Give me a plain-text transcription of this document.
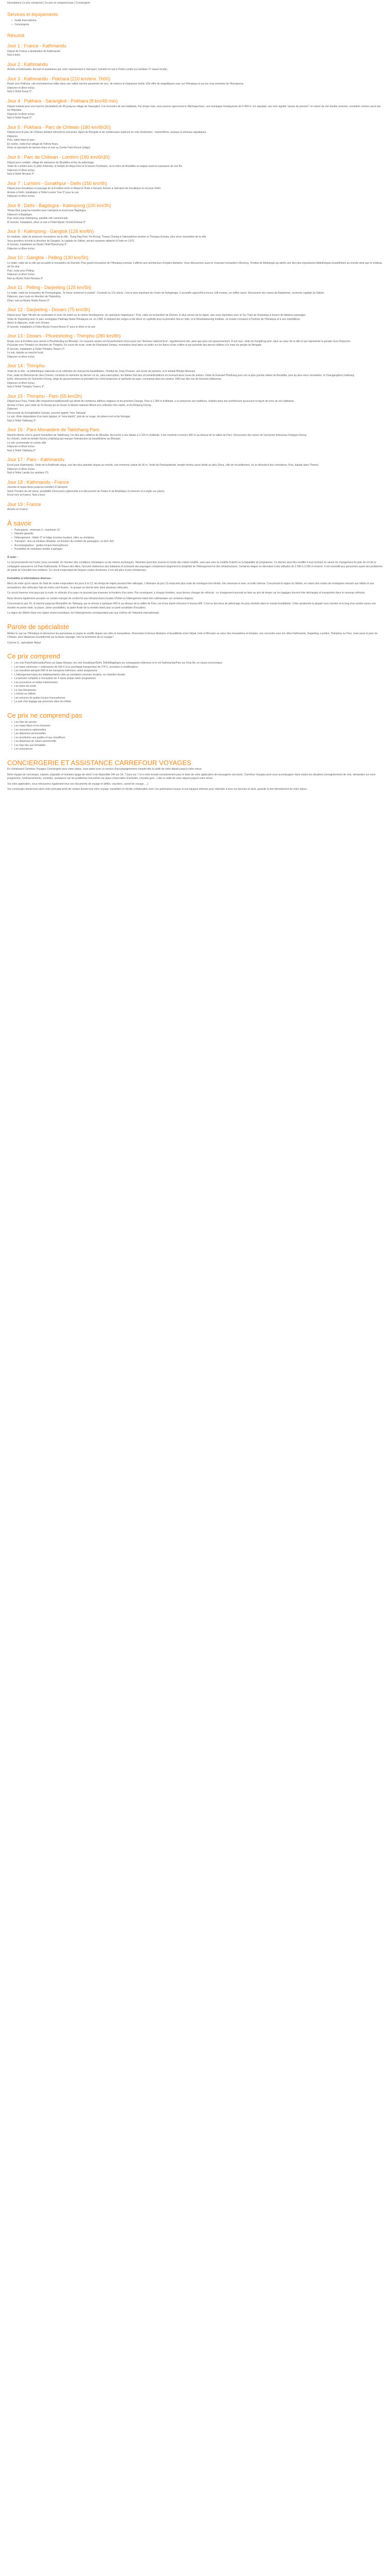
Descriptions Ce prix comprend | Ce prix ne comprend pas | Conciergerie
Services et équipements
• Guide francophone
• Conciergerie
Résumé
Jour 1 : France - Kathmandu

Départ de France à destination de Kathmandu.

Nuit à bord.

Jour 2 : Kathmandu

Arrivée à Kathmandu. Accueil et assistance par notre représentant à l'aéroport, transfert et nuit à l'hôtel Landis (ou similaire 3* classe locale).

Jour 3 : Kathmandu - Pokhara (210 km/env. 7h00)

Route vers Pokhara, cité enchanteresse bâtie dans une vallée sereine parsemée de lacs, de rivières et d'épaisses forêts. Elle offre de magnifiques vues sur l'Himalaya et sur les cinq sommets de l'Annapurna.

Déjeuner et dîner inclus.

Nuit à l'hôtel Kasai 3*.

Jour 4 : Pokhara - Sarangkot - Pokhara (8 km/45 min)

Départ matinal pour une marche (facultative) de 45 jusqu'au village de Sarangkot, à la rencontre de ses habitants. Par temps clair, vous pourrez apercevoir le Machapuchare, une montagne himalayenne de 6 993 m. En népalais, son nom signifie "queue de poisson" en raison de son double sommet, considéré comme sacré par les Népalais.

Déjeuner et dîner inclus.

Nuit à l'hôtel Kasai 3*.

Jour 5 : Pokhara - Parc de Chitwan (180 km/6h30)

Départ pour le parc de Chitwan abritant rhinocéros unicornes, tigres du Bengale et de nombreuses espèces en voie d'extinction : mammifères, oiseaux et animaux aquatiques.

Déjeuner.

Puis, safari dans le parc.

En soirée, visite d'un village de l'ethnie tharu.

Dîner et spectacle de danses tharu et nuit au Center Park Resort (lodge).

Jour 6 : Parc de Chitwan - Lumbini (190 km/6h30)

Départ pour Lumbini, village de naissance de Bouddha et lieu de pèlerinage.

Visite de Lumbini avec le pilier d'Ashoka, le temple de Maya Devi et le bassin Pushkarni, où la mère de Bouddha se baigna avant la naissance de son fils.

Déjeuner et dîner inclus.

Nuit à l'hôtel Nirvana 3*.

Jour 7 : Lumbini - Gorakhpur - Delhi (150 km/4h)

Départ pour Gorakhpur et passage de la frontière entre le Népal et l'Inde à Sonauli. Arrivée à l'aéroport de Gorakhpur et vol pour Delhi.

Arrivée à Delhi, installation à l'hôtel Lemon Tree 3* pour la nuit.

Déjeuner et dîner inclus.

Jour 8 : Delhi - Bagdogra - Kalimpong (100 km/3h)

Temps libre jusqu'au transfert pour l'aéroport et envol pour Bagdogra.

Déjeuner à Bagdogra.

Puis route pour Kalimpong, paisible cité commerciale.

À l'arrivée, installation, dîner et nuit à l'hôtel Mystic Orchid Retreat 3*.

Jour 9 : Kalimpong - Gangtok (126 km/6h)

En matinée, visite de plusieurs monastères de la ville : Dung Dag Paro Yin Kirong, Tharpa Choling à l'atmosphère sereine et Thongsa Gompa, plus vieux monastère de la ville.

Vous prendrez ensuite la direction de Gangtok, la capitale du Sikkim, ancien royaume rattaché à l'Inde en 1975.

À l'arrivée, installation au Mystic Hotel Bumchung 3*.

Déjeuner et dîner inclus.

Jour 10 : Gangtok - Pelling (130 km/5h)

Le matin, visite de la ville qui accueille le monastère de Rumtek. Plus grand monastère de l'Himalaya oriental, il affiche une architecture d'origine tibétaine. Vous découvrirez aussi le charmant monastère d'Enchey, l'Institut de tibétologie qui abrite une des plus importantes bibliothèques bouddhistes au monde ainsi que le château de Do-drul.

Puis, route pour Pelling.

Déjeuner et dîner inclus.

Nuit au Mystic Hotel Nirvana 3*.

Jour 11 : Pelling - Darjeeling (125 km/5h)

Le matin, visite du monastère de Pemayangtse, "le trésor universel et parfait". Construit au 17e siècle, c'est le plus important de l'ordre de Nyingmapa. Il accueille aujourd'hui encore 108 moines, un chiffre sacré. Découverte des ruines de Rabdentse, ancienne capitale du Sikkim.

Déjeuner, puis route en direction de Darjeeling.

Dîner, nuit au Mystic Radio Resort 3*.

Jour 12 : Darjeeling - Dooars (75 km/3h)

Départ pour Tiger Hill afin de contempler le lever du soleil sur la chaîne himalayenne. Un spectacle majestueux ! Puis, visite du monastère de Ghoom, le plus ancien de la région, que vous rejoindrez avec le Toy Train de Darjeeling à travers de fabuleux paysages.

Visite de Darjeeling avec le parc zoologique Padmaja Naidu Himalayan où, en 1995, le léopard des neiges a été élevé en captivité pour la première fois en Inde, et le Mountaineering Institute, un musée consacré à l'histoire de l'Himalaya et à ses expéditions.

Après le déjeuner, route vers Dooars.

À l'arrivée, installation à l'hôtel Mystic Forest Resort 3* pour le dîner et la nuit.

Jour 13 : Dooars - Phuntsholing - Thimphu (280 km/8h)

Route vers la frontière pour arriver à Phuntsholing au Bhoutan. Ce royaume ancien est farouchement connu pour son "bonheur national brut", régulièrement cité, ainsi que pour son gouvernement. À son tour, visite de Zangdhog pelri, situé au cœur de la ville et qui représente le paradis Guru Rinpoche.

Poursuite vers Thimphu en direction de Thimphu. En cours de route, visite de Kharbandi Gompa, monastère situé dans un jardin sur les flancs d'une colline et qui possède des pierres taillées à la main du peuple du Bengale.

À l'arrivée, installation à l'hôtel Thimphu Towers 3*.

Le soir, balade au marché local.

Déjeuner et dîner inclus.

Jour 14 : Thimphu

Visite de la ville : la bibliothèque nationale et sa collection de manuscrits bouddhistes, l'Institut de Zorig Chusum, une école de peinture, et le temple Bhutan Museum.

Puis, visite du Memorial de Jera Chorten, construit en mémoire du dernier roi où, sans interruption, les fidèles font des circumambulations en tournant leurs roues de prières. Visite du Kuensel Phodrang pour voir la plus grande statue de Bouddha, puis du plus vieux monastère, le Changangkha Lhakhang.

Enfin, découverte du Tashichho Dzong, siège du gouvernement où président les chefs temporels et spirituels du pays, reconstruit dans les années 1960 par des rois de Gerezim bâtisseurs.

Déjeuner et dîner inclus.

Nuit à l'hôtel Thimphu Towers 3*.

Jour 15 : Thimphu - Paro (55 km/2h)

Départ pour Paro. Petite ville résolument traditionnelle qui abrite de nombreux édifices religieux et les premiers Dzongs. Paro à 2 280 m d'altitude, a su préserver ses traditions, visibles dans son architecture qu'aucune la façon de vivre de ses habitants.

Arrivée à Paro, puis visite du Ta Dzong qui se trouve le Musée national offrant une collection très variée, et du Rinpung Dzong.

Déjeuner.

Découverte du Dzongkhakhe Gompa, souvent appelé "mini Taksang".

Le soir, dîner dégustation d'un mets typique, le "ema datshi", plat de riz rouge, de piment vert et de fromage.

Nuit à l'hôtel Olathang 3*.

Jour 16 : Paro Monastère de Taktshang Paro

Marche directe vers le grand monastère de Taktshang, l'un des plus célèbres du Bhoutan. Accroché à une falaise à 3 120 m d'altitude, il est construit à environ 900 m au-dessus de la vallée de Paro. Découverte des ruines de l'ancienne forteresse Drukgyel Dzong.

En chemin, visite du temple Kyichu Lhakhang qui marque l'introduction du bouddhisme au Bhoutan.

Le soir, promenade en centre-ville.

Déjeuner et dîner inclus.

Nuit à l'hôtel Olathang 3*.

Jour 17 : Paro - Kathmandu

Envol pour Kathmandu. Visite de la Bodhnath stupa, une des plus grandes stupas au monde, une immense statue de 36 m. Visite de Pashupatinath, temple hindou sacré dédié au dieu Shiva, ville de recueillement, où se déroulent des crémations. Puis, balade dans Thamel.

Déjeuner et dîner inclus.

Nuit à l'hôtel Landis (ou similaire 3*).

Jour 18 : Kathmandu - France

Journée et repas libres jusqu'au transfert à l'aéroport.

Selon l'horaire du vol retour, possibilité d'excursion optionnelle à la découverte du Palais et de Bhaktapur (à réserver et à régler sur place).

Envol vers la France. Nuit à bord.

Jour 19 : France

Arrivée en France.

À savoir
• Participants : minimum 2 - maximum 16
• Départs garantis
• Hébergement : hôtels 3* et lodge (normes locales), villes ou similaires
• Transport : bus ou minibus climatisé, en fonction du nombre de passagers, ou bien 4x4
• Accompagnateur : guides locaux francophones
• Possibilité de chambres double à partager

À noter :

Le circuit présenté est l'ordre (sous conseillé). En fonction des conditions climatiques ou de critères techniques, l'itinéraire peut être inversé et l'ordre des visites modifié, sans que cela ne modifie l'intérêt ou la faisabilité du programme. Ce dernier peut être modifié à tout moment en raison du changement du plan de vol de la compagnie assurant le vol Paro-Kathmandu. À l'heure des villes, l'accueil chaleureux des habitants et la beauté des paysages compensent largement la simplicité de l'hébergement et des infrastructures. Certaines étapes se déroulent à des altitudes de 2 000 à 3 200 m environ. Il est conseillé aux personnes ayant des problèmes de santé de consulter leur médecin. Ce circuit empruntant de longues routes sinueuses, il est cité plus et peu entretenues.

Formalités et informations diverses :

Merci de noter qu'en raison de l'état de routes empruntées les jours 9 et 12, les temps de trajets peuvent être rallongés. L'itinéraire du jour 13 emprunte plus route de montagne très étroite, très sinueuse et avec un trafic intense. Concernant la région du Sikkim, en raison des routes de montagnes menant aux hôtels et aux monastères, des véhicules Tata de moins sont fournis : le groupe se doit de tenir dans plusieurs véhicules.

Ce circuit traverse trois pays par la route, le véhicule d'un pays ne pouvant pas traverser la frontière d'un autre. Par conséquent, à chaque frontière, vous devrez changer de véhicule : ce changement pourrait se faire au prix de temps car les bagages devront être déchargés et transportés dans le nouveau véhicule.

Nous devons également accepter un certain manque de confort lié aux infrastructures locales (l'hôtel ou hébergement étant très rudimentaire sur certaines étapes).

Concernant le jour 16, la marche jusqu'au Monastère de Taktsang, qui se dresse à quelques 900 m au-dessus de la vallée de Paro, est d'une durée d'environ 6 heures A/R. C'est un des lieux de pèlerinage les plus vénérés dans le monde bouddhiste. Cette randonnée la plupart sous montée et le long d'un sentier assez une montée en pente raide, la placer. Selon possibilités, la partie finale de la montée étant pour un parti constituée d'escaliers.

La région du Sikkim étant une région sismo-touristique, les hébergements correspondant pas aux critères de l'industrie internationale.

Parole de spécialiste

Mettez le cap sur l'Himalaya et découvrez les panoramas à couper le souffle depuis ses cités et monastères. Ressentez la ferveur tibétaine et bouddhiste entre Népal, Inde et Bhoutan au cœur des monastères et temples, une rencontre avec les villes Kathmandu, Darjeeling, Lumbini, Thimphou ou Paro, mais aussi le parc de Chitwan, pour fabuleuse exceptionnel sur la faune sauvage, voici la promesse de ce voyage !

Corinne G., spécialiste Népal

Ce prix comprend
• Les vols Paris/Kathmandu/Paris sur Qatar Airways, les vols Gorakhpur/Delhi, Delhi/Bagdogra sur compagnies indiennes et le vol Kathmandu/Paro sur Druk Air, en classe économique
• Les taxes aériennes + redevances de 336 € et la surcharge transporteur de 274 €, soumises à modifications
• Les transferts aéroport A/R et les transports intérieurs, selon programme
• L'hébergement dans les établissements cités au (similaires (normes locales), en chambre double
• La pension complète à l'exception de 4 repas (repas selon programme)
• Les excursions et visites mentionnées
• Les taxes de sortie
• Le visa bhoutanais
• L'entrée au Sikkim
• Les services de guides locaux francophones
• Le port d'un bagage par personne dans les hôtels
Ce prix ne comprend pas
• Les frais de service
• Les repas libres et les boissons
• Les excursions optionnelles
• Les dépenses personnelles
• Les pourboires aux guides et aux chauffeurs
• Les dépenses de nature personnelle
• Les frais liés aux formalités
• Les assurances
CONCIERGERIE ET ASSISTANCE CARREFOUR VOYAGES

En choisissant Carrefour Voyages Conciergerie pour votre séjour, vous optez pour un service d'accompagnement complet dès la veille de votre départ jusqu'à votre retour.

Notre équipe de concierges, experts, joignable et humaine (gage de robot !) est disponible 24h sur 24, 7 jours sur 7 et à votre écoute exclusivement pour le biais de votre application de messagerie sécurisée. Carrefour Voyages peut vous accompagner dans toutes les situations (enregistrement de vols, demandes sur votre programme, remboursements, conseils), assistance sur les problèmes rencontrés sur place (réservation d'activités, conseils gare...) dès la veille de votre départ jusqu'à votre retour.

Via votre application, vous retrouverez également tous vos documents de voyage et défiés, vouchers, carnet de voyage, ...).

Vos concierges deviennent alors votre principal point de contact durant tout votre voyage, travaillant en étroite collaboration avec nos partenaires locaux et nos équipes internes pour répondre à tous vos besoins et ainsi, garantir le bon déroulement de votre séjour.
